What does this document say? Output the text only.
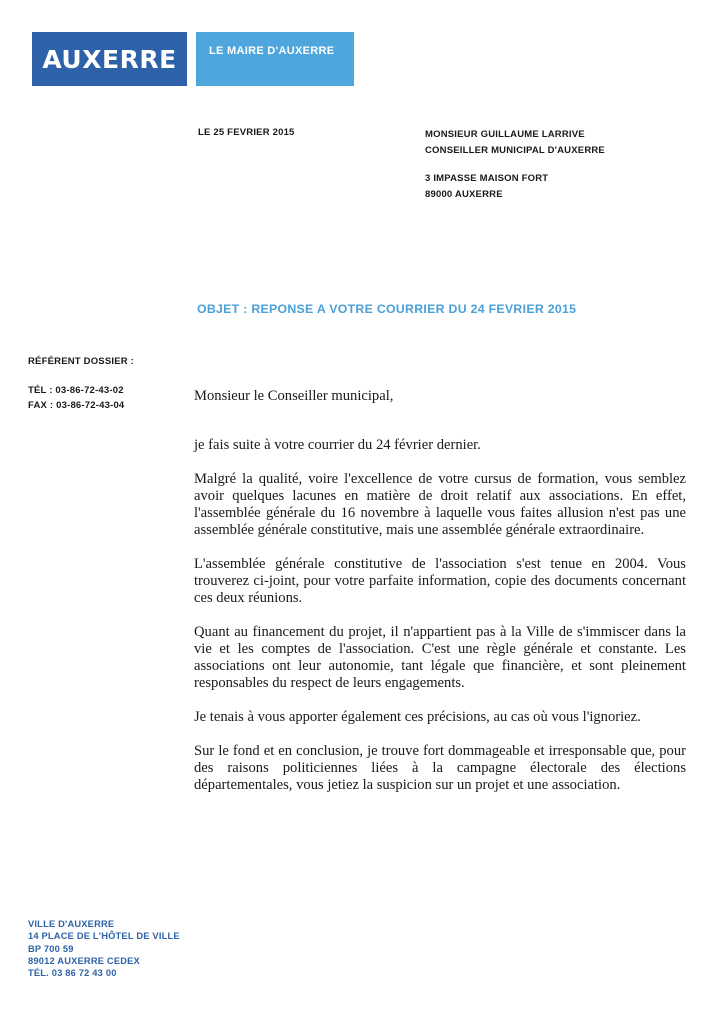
AUXERRE	LE MAIRE D'AUXERRE
LE 25 FEVRIER 2015	MONSIEUR GUILLAUME LARRIVE
CONSEILLER MUNICIPAL D'AUXERRE
3 IMPASSE MAISON FORT
89000 AUXERRE
OBJET : REPONSE A VOTRE COURRIER DU 24 FEVRIER 2015
RÉFÉRENT DOSSIER :
TÉL : 03-86-72-43-02
FAX : 03-86-72-43-04

Monsieur le Conseiller municipal,

je fais suite à votre courrier du 24 février dernier.

Malgré la qualité, voire l'excellence de votre cursus de formation, vous semblez avoir quelques lacunes en matière de droit relatif aux associations. En effet, l'assemblée générale du 16 novembre à laquelle vous faites allusion n'est pas une assemblée générale constitutive, mais une assemblée générale extraordinaire.

L'assemblée générale constitutive de l'association s'est tenue en 2004. Vous trouverez ci-joint, pour votre parfaite information, copie des documents concernant ces deux réunions.

Quant au financement du projet, il n'appartient pas à la Ville de s'immiscer dans la vie et les comptes de l'association. C'est une règle générale et constante. Les associations ont leur autonomie, tant légale que financière, et sont pleinement responsables du respect de leurs engagements.

Je tenais à vous apporter également ces précisions, au cas où vous l'ignoriez.

Sur le fond et en conclusion, je trouve fort dommageable et irresponsable que, pour des raisons politiciennes liées à la campagne électorale des élections départementales, vous jetiez la suspicion sur un projet et une association.

VILLE D'AUXERRE
14 PLACE DE L'HÔTEL DE VILLE
BP 700 59
89012 AUXERRE CEDEX
TÉL. 03 86 72 43 00
